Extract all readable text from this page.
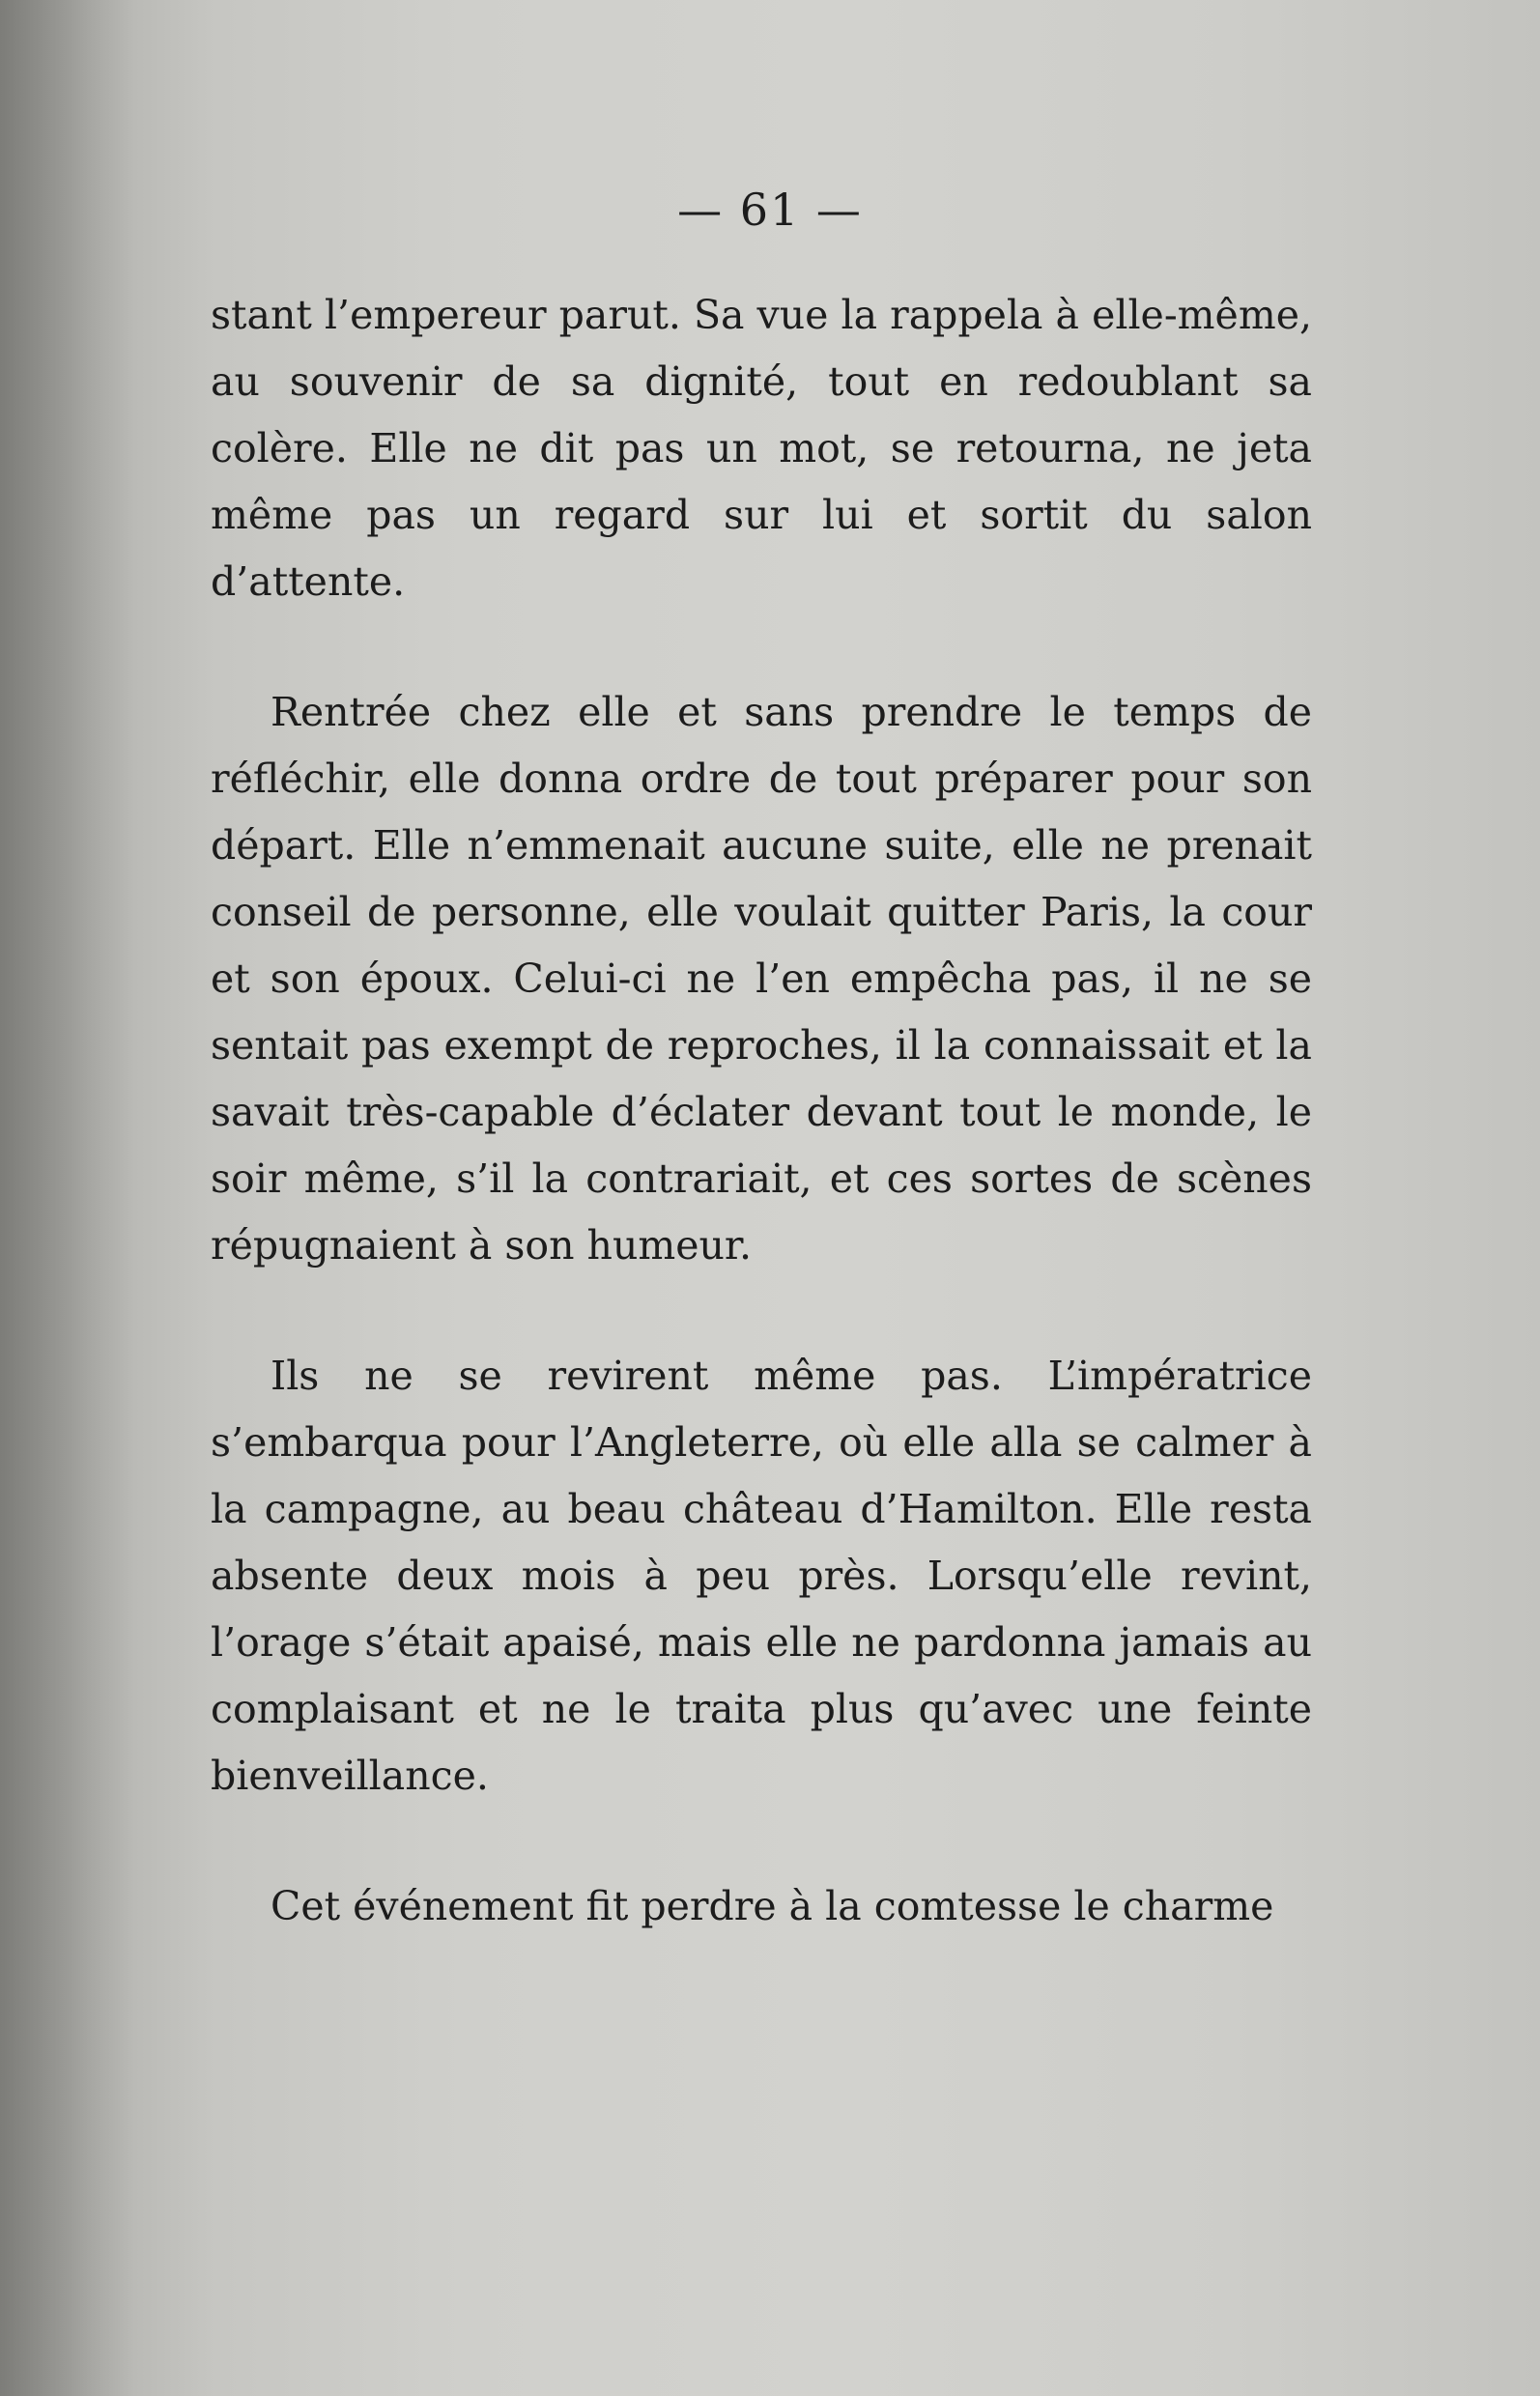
— 61 —

stant l’empereur parut. Sa vue la rappela à elle-même, au souvenir de sa dignité, tout en redoublant sa colère. Elle ne dit pas un mot, se retourna, ne jeta même pas un regard sur lui et sortit du salon d’attente.

Rentrée chez elle et sans prendre le temps de réfléchir, elle donna ordre de tout préparer pour son départ. Elle n’emmenait aucune suite, elle ne prenait conseil de personne, elle voulait quitter Paris, la cour et son époux. Celui-ci ne l’en empêcha pas, il ne se sentait pas exempt de reproches, il la connaissait et la savait très-capable d’éclater devant tout le monde, le soir même, s’il la contrariait, et ces sortes de scènes répugnaient à son humeur.

Ils ne se revirent même pas. L’impératrice s’embarqua pour l’Angleterre, où elle alla se calmer à la campagne, au beau château d’Hamilton. Elle resta absente deux mois à peu près. Lorsqu’elle revint, l’orage s’était apaisé, mais elle ne pardonna jamais au complaisant et ne le traita plus qu’avec une feinte bienveillance.

Cet événement fit perdre à la comtesse le charme
